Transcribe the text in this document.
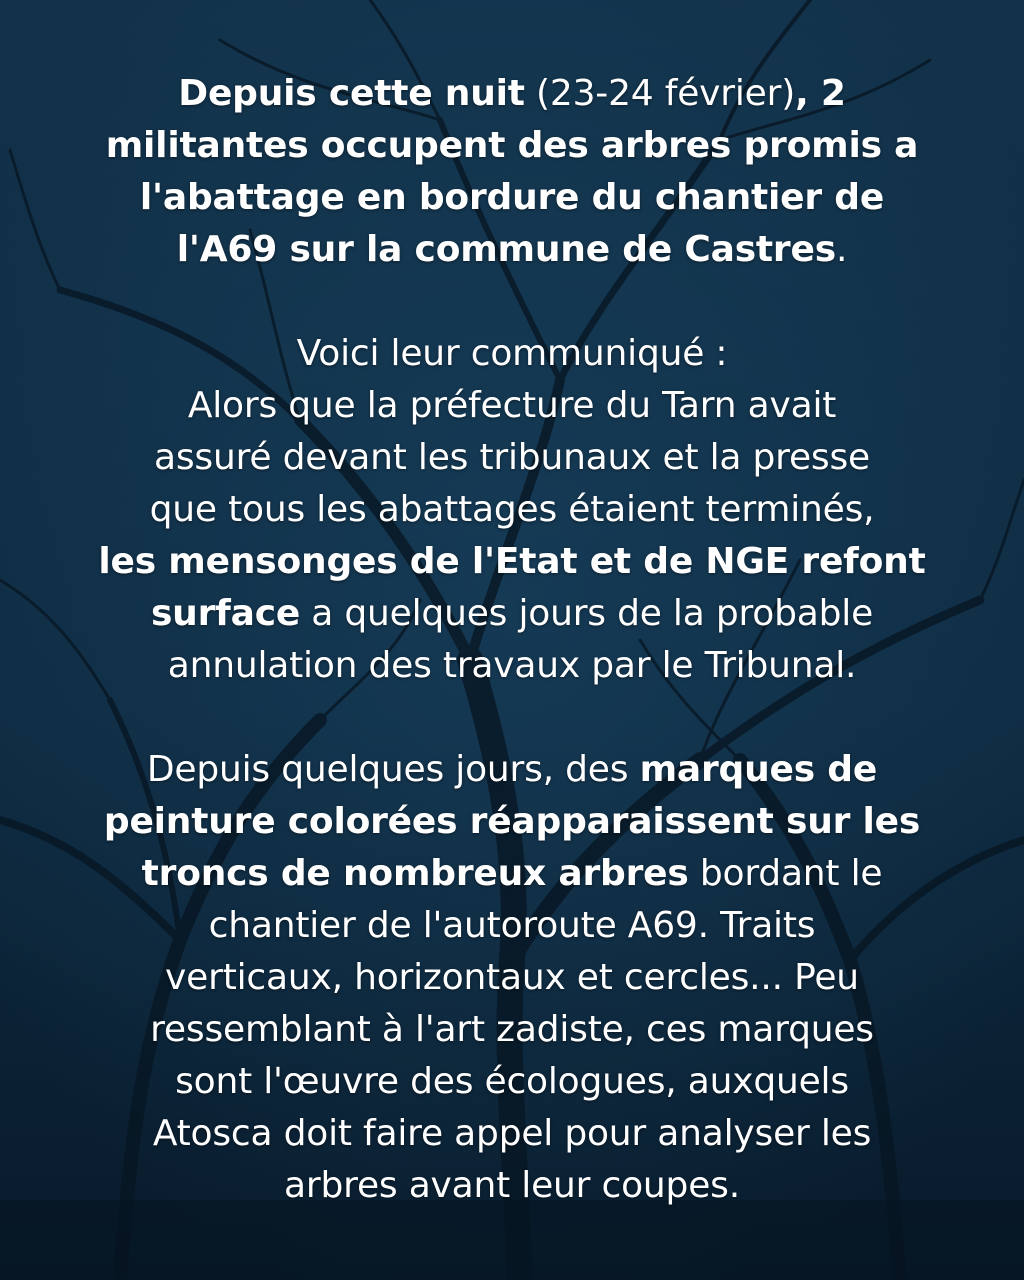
Depuis cette nuit (23-24 février), 2
militantes occupent des arbres promis a
l'abattage en bordure du chantier de
l'A69 sur la commune de Castres.

Voici leur communiqué :
Alors que la préfecture du Tarn avait
assuré devant les tribunaux et la presse
que tous les abattages étaient terminés,
les mensonges de l'Etat et de NGE refont
surface a quelques jours de la probable
annulation des travaux par le Tribunal.

Depuis quelques jours, des marques de
peinture colorées réapparaissent sur les
troncs de nombreux arbres bordant le
chantier de l'autoroute A69. Traits
verticaux, horizontaux et cercles... Peu
ressemblant à l'art zadiste, ces marques
sont l'œuvre des écologues, auxquels
Atosca doit faire appel pour analyser les
arbres avant leur coupes.
